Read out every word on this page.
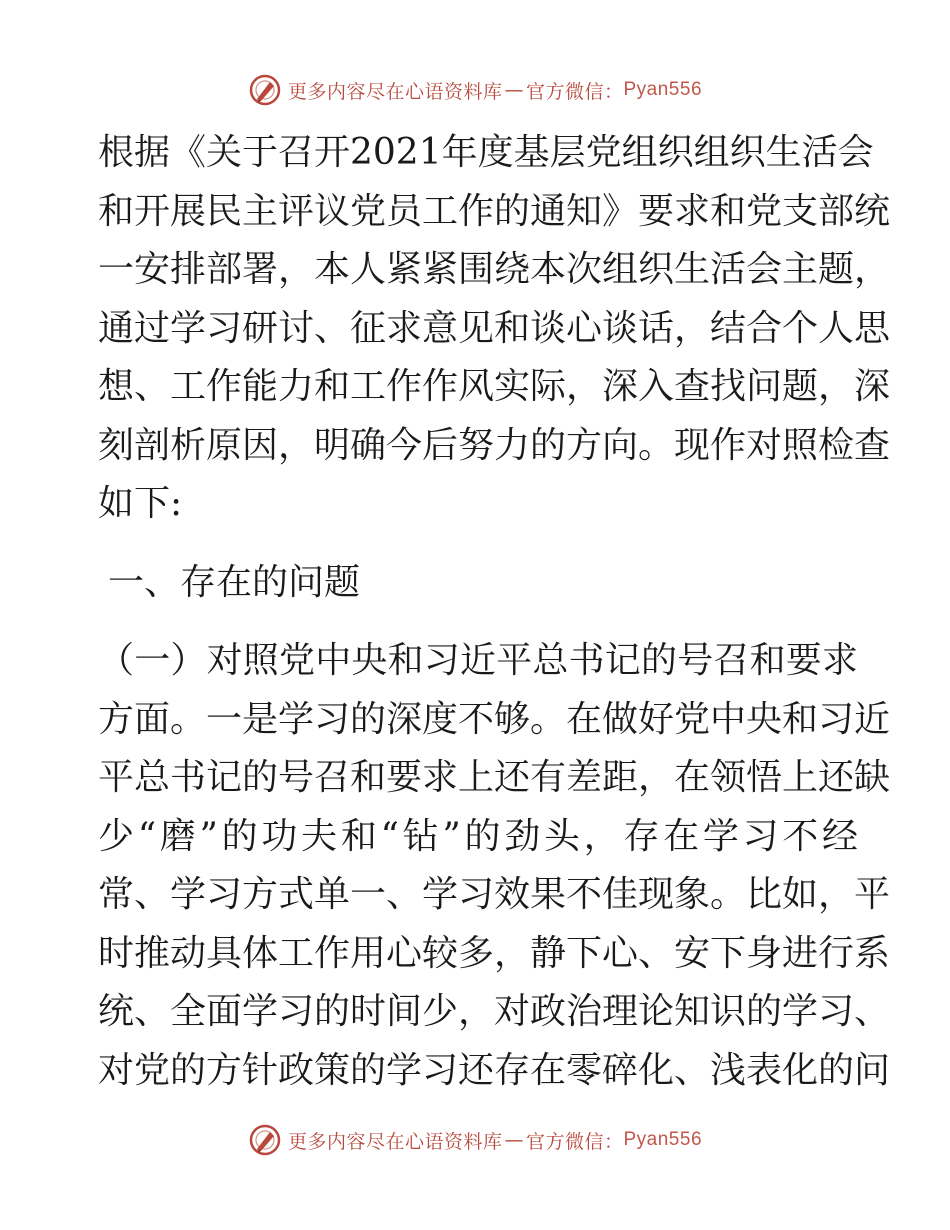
更多内容尽在心语资料库 — 官方微信： Pyan556
根据《关于召开2021年度基层党组织组织生活会
和开展民主评议党员工作的通知》要求和党支部统
一安排部署，本人紧紧围绕本次组织生活会主题，
通过学习研讨、征求意见和谈心谈话，结合个人思
想、工作能力和工作作风实际，深入查找问题，深
刻剖析原因，明确今后努力的方向。现作对照检查
如下:
一、存在的问题
（一）对照党中央和习近平总书记的号召和要求
方面。一是学习的深度不够。在做好党中央和习近
平总书记的号召和要求上还有差距，在领悟上还缺
少“磨”的功夫和“钻”的劲头，存在学习不经
常、学习方式单一、学习效果不佳现象。比如，平
时推动具体工作用心较多，静下心、安下身进行系
统、全面学习的时间少，对政治理论知识的学习、
对党的方针政策的学习还存在零碎化、浅表化的问
更多内容尽在心语资料库 — 官方微信： Pyan556
